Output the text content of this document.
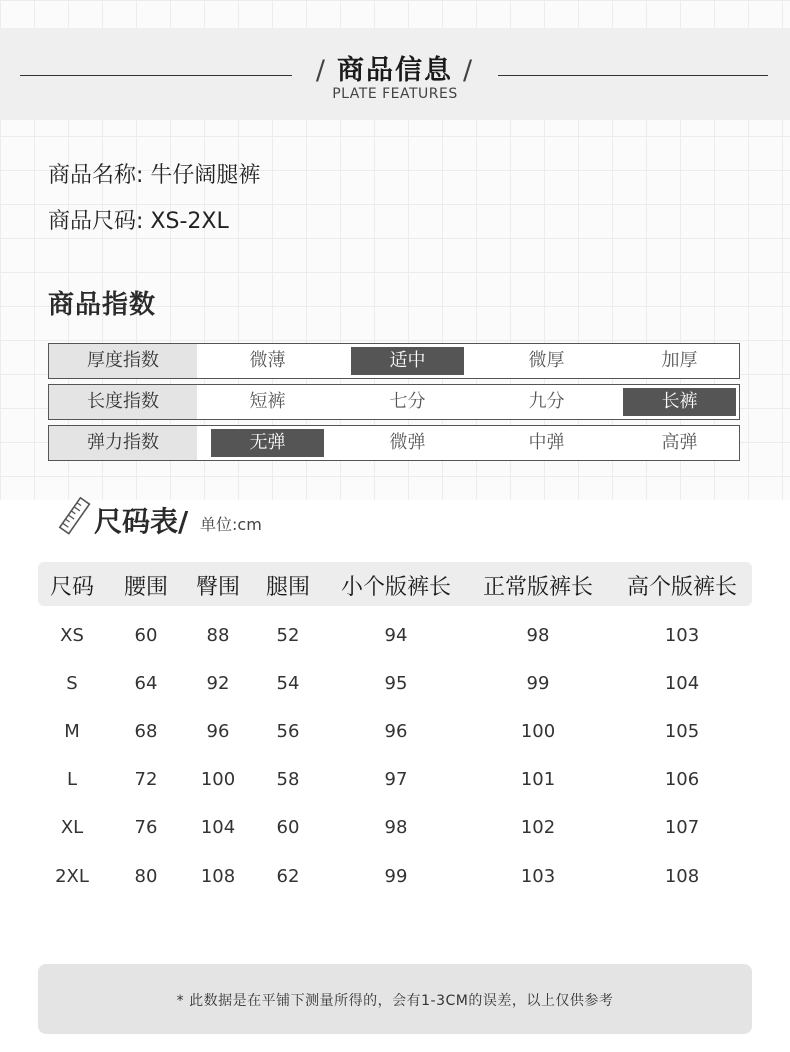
/ 商品信息 /
PLATE FEATURES
商品名称: 牛仔阔腿裤
商品尺码: XS-2XL
商品指数
厚度指数	微薄	适中	微厚	加厚
长度指数	短裤	七分	九分	长裤
弹力指数	无弹	微弹	中弹	高弹
尺码表/ 单位:cm
尺码	腰围	臀围	腿围	小个版裤长	正常版裤长	高个版裤长
XS	60	88	52	94	98	103
S	64	92	54	95	99	104
M	68	96	56	96	100	105
L	72	100	58	97	101	106
XL	76	104	60	98	102	107
2XL	80	108	62	99	103	108
* 此数据是在平铺下测量所得的，会有1-3CM的误差，以上仅供参考
